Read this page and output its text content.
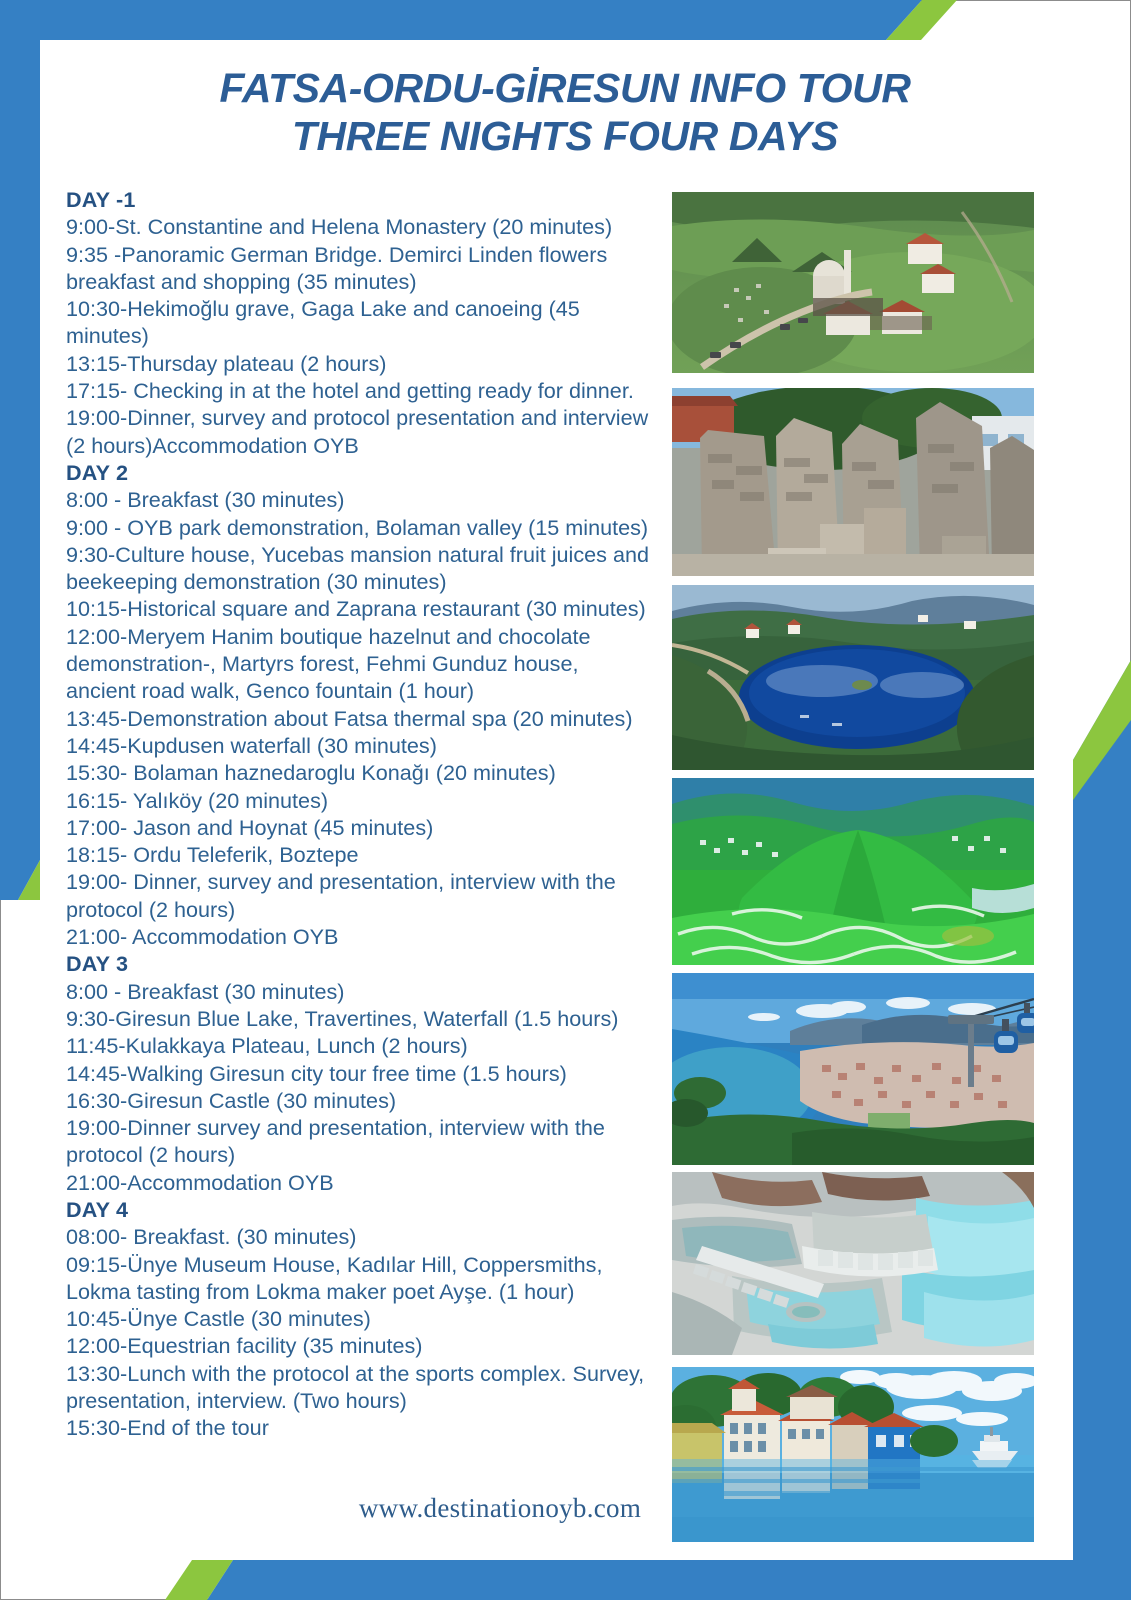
FATSA-ORDU-GİRESUN INFO TOUR
THREE NIGHTS FOUR DAYS
DAY -1
9:00-St. Constantine and Helena Monastery (20 minutes)
9:35 -Panoramic German Bridge. Demirci Linden flowers breakfast and shopping (35 minutes)
10:30-Hekimoğlu grave, Gaga Lake and canoeing (45 minutes)
13:15-Thursday plateau (2 hours)
17:15- Checking in at the hotel and getting ready for dinner.
19:00-Dinner, survey and protocol presentation and interview (2 hours)Accommodation OYB
DAY 2
8:00 - Breakfast (30 minutes)
9:00 - OYB park demonstration, Bolaman valley (15 minutes)
9:30-Culture house, Yucebas mansion natural fruit juices and beekeeping demonstration (30 minutes)
10:15-Historical square and Zaprana restaurant (30 minutes)
12:00-Meryem Hanim boutique hazelnut and chocolate demonstration-, Martyrs forest, Fehmi Gunduz house, ancient road walk, Genco fountain (1 hour)
13:45-Demonstration about Fatsa thermal spa (20 minutes)
14:45-Kupdusen waterfall (30 minutes)
15:30- Bolaman haznedaroglu Konağı (20 minutes)
16:15- Yalıköy (20 minutes)
17:00- Jason and Hoynat (45 minutes)
18:15- Ordu Teleferik, Boztepe
19:00- Dinner, survey and presentation, interview with the protocol (2 hours)
21:00- Accommodation OYB
DAY 3
8:00 - Breakfast (30 minutes)
9:30-Giresun Blue Lake, Travertines, Waterfall (1.5 hours)
11:45-Kulakkaya Plateau, Lunch (2 hours)
14:45-Walking Giresun city tour free time (1.5 hours)
16:30-Giresun Castle (30 minutes)
19:00-Dinner survey and presentation, interview with the protocol (2 hours)
21:00-Accommodation OYB
DAY 4
08:00- Breakfast. (30 minutes)
09:15-Ünye Museum House, Kadılar Hill, Coppersmiths, Lokma tasting from Lokma maker poet Ayşe. (1 hour)
10:45-Ünye Castle (30 minutes)
12:00-Equestrian facility (35 minutes)
13:30-Lunch with the protocol at the sports complex. Survey, presentation, interview. (Two hours)
15:30-End of the tour
www.destinationoyb.com
